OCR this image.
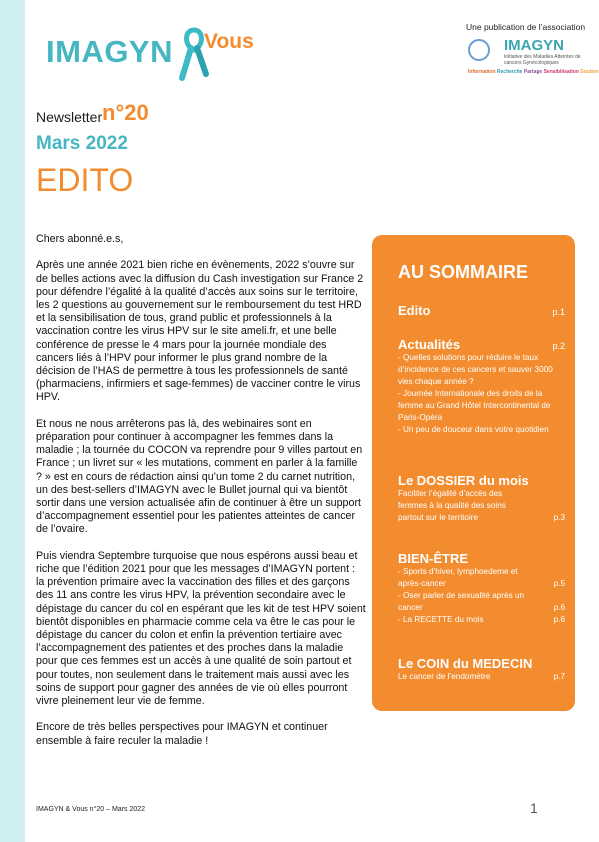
IMAGYN Vous
Une publication de l’association
IMAGYN
Initiative des Maladies Atteintes de cancers Gynécologiques
Information Recherche Partage Sensibilisation Soutien
Newsletter n°20
Mars 2022
EDITO

Chers abonné.e.s,

Après une année 2021 bien riche en évènements, 2022 s’ouvre sur de belles actions avec la diffusion du Cash investigation sur France 2 pour défendre l’égalité à la qualité d’accès aux soins sur le territoire, les 2 questions au gouvernement sur le remboursement du test HRD et la sensibilisation de tous, grand public et professionnels à la vaccination contre les virus HPV sur le site ameli.fr, et une belle conférence de presse le 4 mars pour la journée mondiale des cancers liés à l’HPV pour informer le plus grand nombre de la décision de l’HAS de permettre à tous les professionnels de santé (pharmaciens, infirmiers et sage-femmes) de vacciner contre le virus HPV.

Et nous ne nous arrêterons pas là, des webinaires sont en préparation pour continuer à accompagner les femmes dans la maladie ; la tournée du COCON va reprendre pour 9 villes partout en France ; un livret sur « les mutations, comment en parler à la famille ? » est en cours de rédaction ainsi qu’un tome 2 du carnet nutrition, un des best-sellers d’IMAGYN avec le Bullet journal qui va bientôt sortir dans une version actualisée afin de continuer à être un support d’accompagnement essentiel pour les patientes atteintes de cancer de l’ovaire.

Puis viendra Septembre turquoise que nous espérons aussi beau et riche que l’édition 2021 pour que les messages d’IMAGYN portent : la prévention primaire avec la vaccination des filles et des garçons des 11 ans contre les virus HPV, la prévention secondaire avec le dépistage du cancer du col en espérant que les kit de test HPV soient bientôt disponibles en pharmacie comme cela va être le cas pour le dépistage du cancer du colon et enfin la prévention tertiaire avec l’accompagnement des patientes et des proches dans la maladie pour que ces femmes est un accès à une qualité de soin partout et pour toutes, non seulement dans le traitement mais aussi avec les soins de support pour gagner des années de vie où elles pourront vivre pleinement leur vie de femme.

Encore de très belles perspectives pour IMAGYN et continuer ensemble à faire reculer la maladie !

AU SOMMAIRE
Edito	p.1
Actualités	p.2
- Quelles solutions pour réduire le taux d’incidence de ces cancers et sauver 3000 vies chaque année ?
- Journée Internationale des droits de la femme au Grand Hôtel Intercontinental de Paris-Opéra
- Un peu de douceur dans votre quotidien
Le DOSSIER du mois
Faciliter l’égalité d’accès des femmes à la qualité des soins partout sur le territoire	p.3
BIEN-ÊTRE
- Sports d’hiver, lymphoedeme et après-cancer	p.5
- Oser parler de sexualité après un cancer	p.6
- La RECETTE du mois	p.6
Le COIN du MEDECIN
Le cancer de l’endomètre	p.7
IMAGYN & Vous n°20 – Mars 2022	1
